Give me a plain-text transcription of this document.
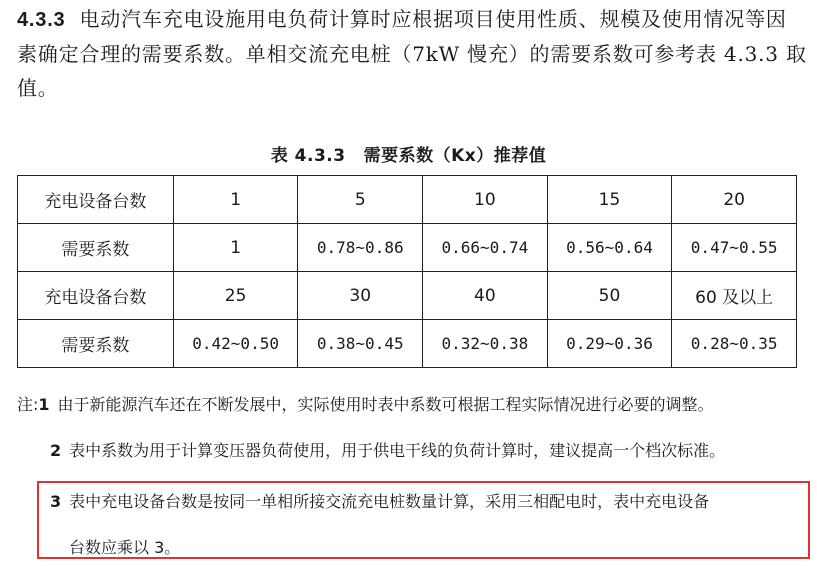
4.3.3 电动汽车充电设施用电负荷计算时应根据项目使用性质、规模及使用情况等因
素确定合理的需要系数。单相交流充电桩（7kW 慢充）的需要系数可参考表 4.3.3 取
值。
表 4.3.3 需要系数（Kx）推荐值
充电设备台数	1	5	10	15	20
需要系数	1	0.78~0.86	0.66~0.74	0.56~0.64	0.47~0.55
充电设备台数	25	30	40	50	60 及以上
需要系数	0.42~0.50	0.38~0.45	0.32~0.38	0.29~0.36	0.28~0.35
注:1 由于新能源汽车还在不断发展中，实际使用时表中系数可根据工程实际情况进行必要的调整。
2 表中系数为用于计算变压器负荷使用，用于供电干线的负荷计算时，建议提高一个档次标准。
3 表中充电设备台数是按同一单相所接交流充电桩数量计算，采用三相配电时，表中充电设备
台数应乘以 3。
